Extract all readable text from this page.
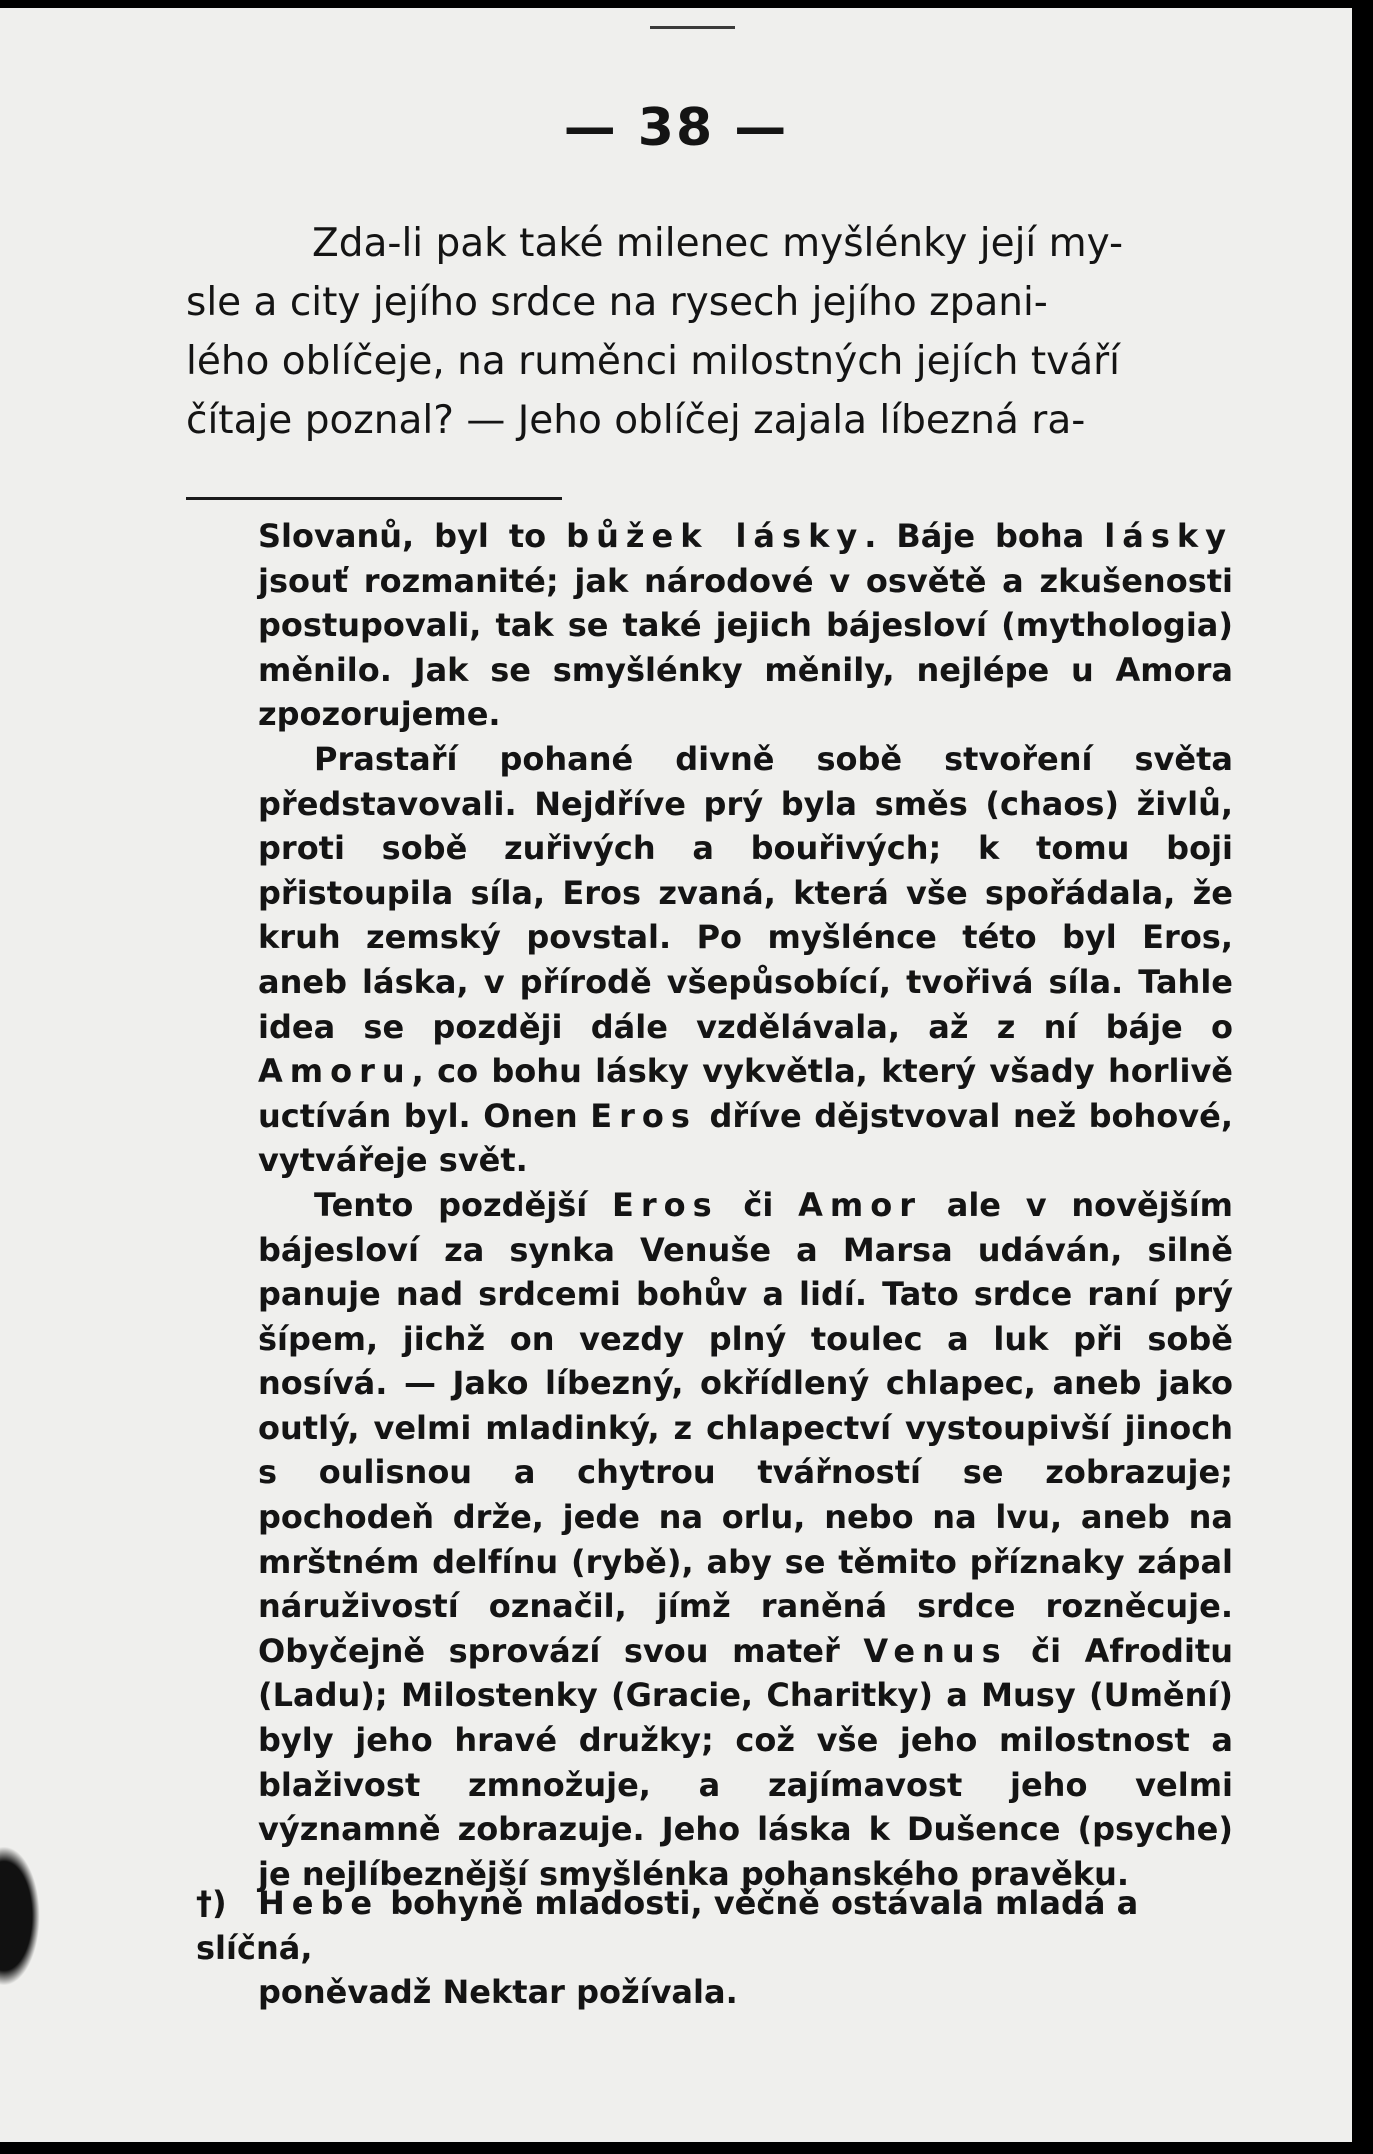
— 38 —
Zda-li pak také milenec myšlénky její my-
sle a city jejího srdce na rysech jejího zpani-
lého oblíčeje, na ruměnci milostných jejích tváří
čítaje poznal? — Jeho oblíčej zajala líbezná ra-

Slovanů, byl to bůžek lásky. Báje boha lásky jsouť rozmanité; jak národové v osvětě a zkušenosti postupovali, tak se také jejich bájesloví (mythologia) měnilo. Jak se smyšlénky měnily, nejlépe u Amora zpozorujeme.

Prastaří pohané divně sobě stvoření světa představovali. Nejdříve prý byla směs (chaos) živlů, proti sobě zuřivých a bouřivých; k tomu boji přistoupila síla, Eros zvaná, která vše spořádala, že kruh zemský povstal. Po myšlénce této byl Eros, aneb láska, v přírodě všepůsobící, tvořivá síla. Tahle idea se později dále vzdělávala, až z ní báje o Amoru, co bohu lásky vykvětla, který všady horlivě uctíván byl. Onen Eros dříve dějstvoval než bohové, vytvářeje svět.

Tento pozdější Eros či Amor ale v novějším bájesloví za synka Venuše a Marsa udáván, silně panuje nad srdcemi bohův a lidí. Tato srdce raní prý šípem, jichž on vezdy plný toulec a luk při sobě nosívá. — Jako líbezný, okřídlený chlapec, aneb jako outlý, velmi mladinký, z chlapectví vystoupivší jinoch s oulisnou a chytrou tvářností se zobrazuje; pochodeň drže, jede na orlu, nebo na lvu, aneb na mrštném delfínu (rybě), aby se těmito příznaky zápal náruživostí označil, jímž raněná srdce rozněcuje. Obyčejně sprovází svou mateř Venus či Afroditu (Ladu); Milostenky (Gracie, Charitky) a Musy (Umění) byly jeho hravé družky; což vše jeho milostnost a blaživost zmnožuje, a zajímavost jeho velmi významně zobrazuje. Jeho láska k Dušence (psyche) je nejlíbeznější smyšlénka pohanského pravěku.

†) Hebe bohyně mladosti, věčně ostávala mladá a slíčná,
poněvadž Nektar požívala.
